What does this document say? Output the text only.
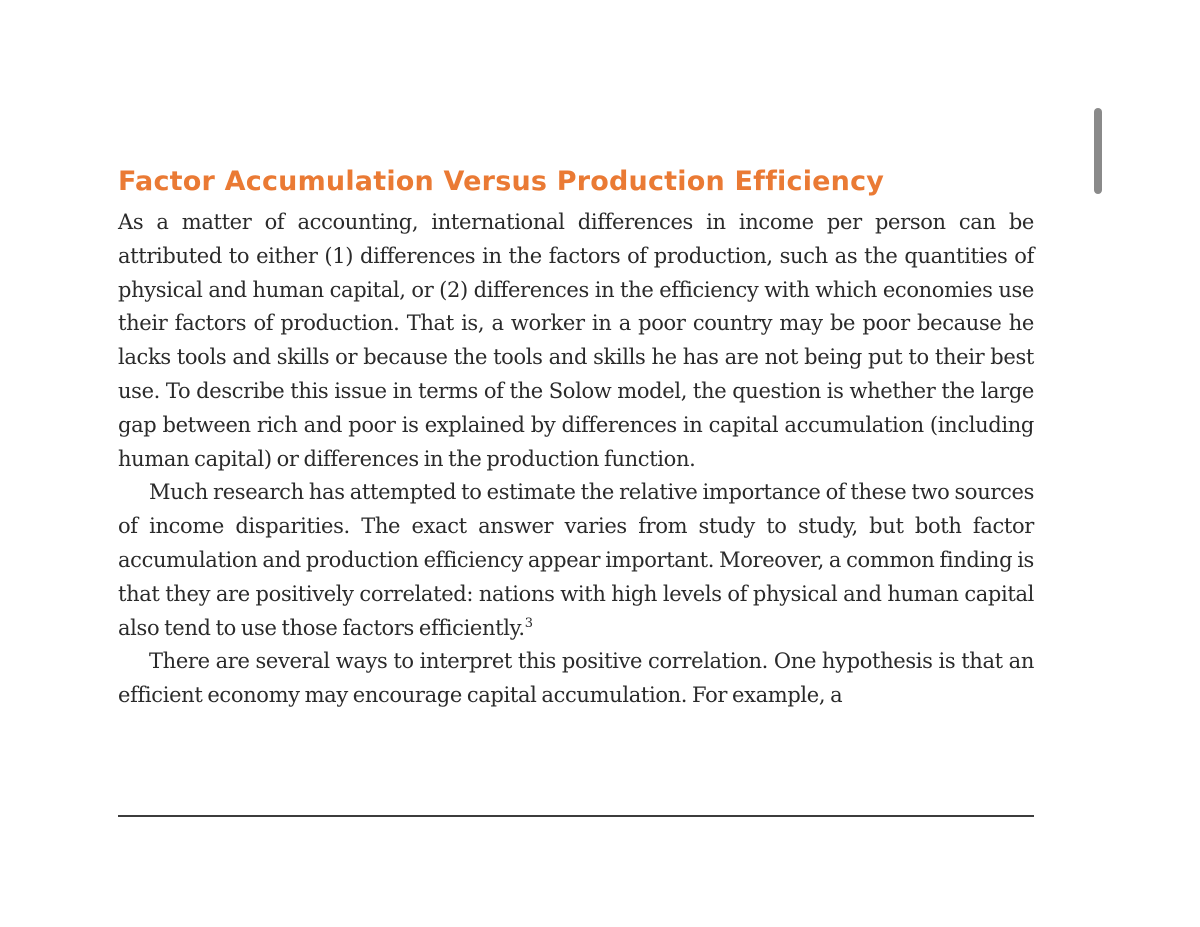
Factor Accumulation Versus Production Efficiency

As a matter of accounting, international differences in income per person can be attributed to either (1) differences in the factors of production, such as the quantities of physical and human capital, or (2) differences in the efficiency with which economies use their factors of production. That is, a worker in a poor country may be poor because he lacks tools and skills or because the tools and skills he has are not being put to their best use. To describe this issue in terms of the Solow model, the question is whether the large gap between rich and poor is explained by differences in capital accumulation (including human capital) or differences in the production function.

Much research has attempted to estimate the relative importance of these two sources of income disparities. The exact answer varies from study to study, but both factor accumulation and production efficiency appear important. Moreover, a common finding is that they are positively correlated: nations with high levels of physical and human capital also tend to use those factors efficiently.$^3$

There are several ways to interpret this positive correlation. One hypothesis is that an efficient economy may encourage capital accumulation. For example, a
